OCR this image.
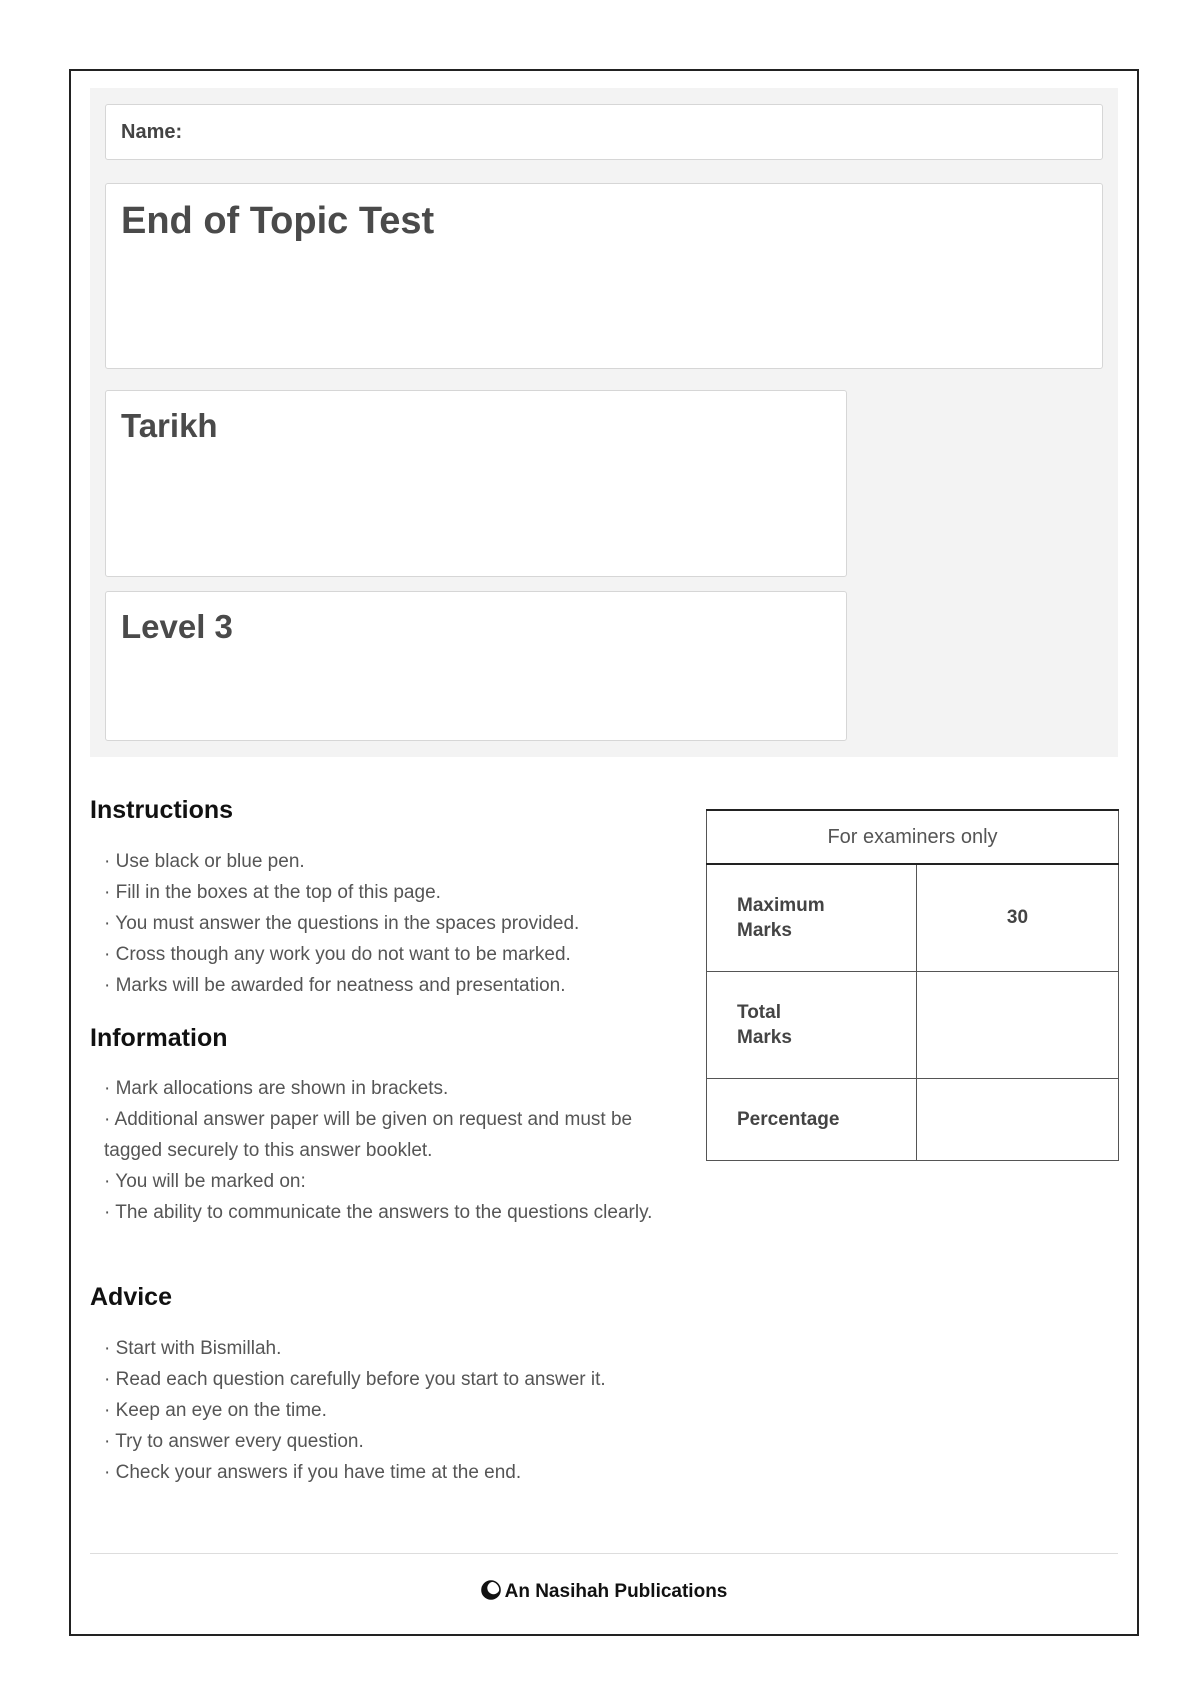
Name:
End of Topic Test
Tarikh
Level 3
Instructions
· Use black or blue pen.
· Fill in the boxes at the top of this page.
· You must answer the questions in the spaces provided.
· Cross though any work you do not want to be marked.
· Marks will be awarded for neatness and presentation.
Information
· Mark allocations are shown in brackets.
· Additional answer paper will be given on request and must be tagged securely to this answer booklet.
· You will be marked on:
· The ability to communicate the answers to the questions clearly.
Advice
· Start with Bismillah.
· Read each question carefully before you start to answer it.
· Keep an eye on the time.
· Try to answer every question.
· Check your answers if you have time at the end.
For examiners only	

Maximum
Marks	30

Total
Marks	

Percentage	

An Nasihah Publications
